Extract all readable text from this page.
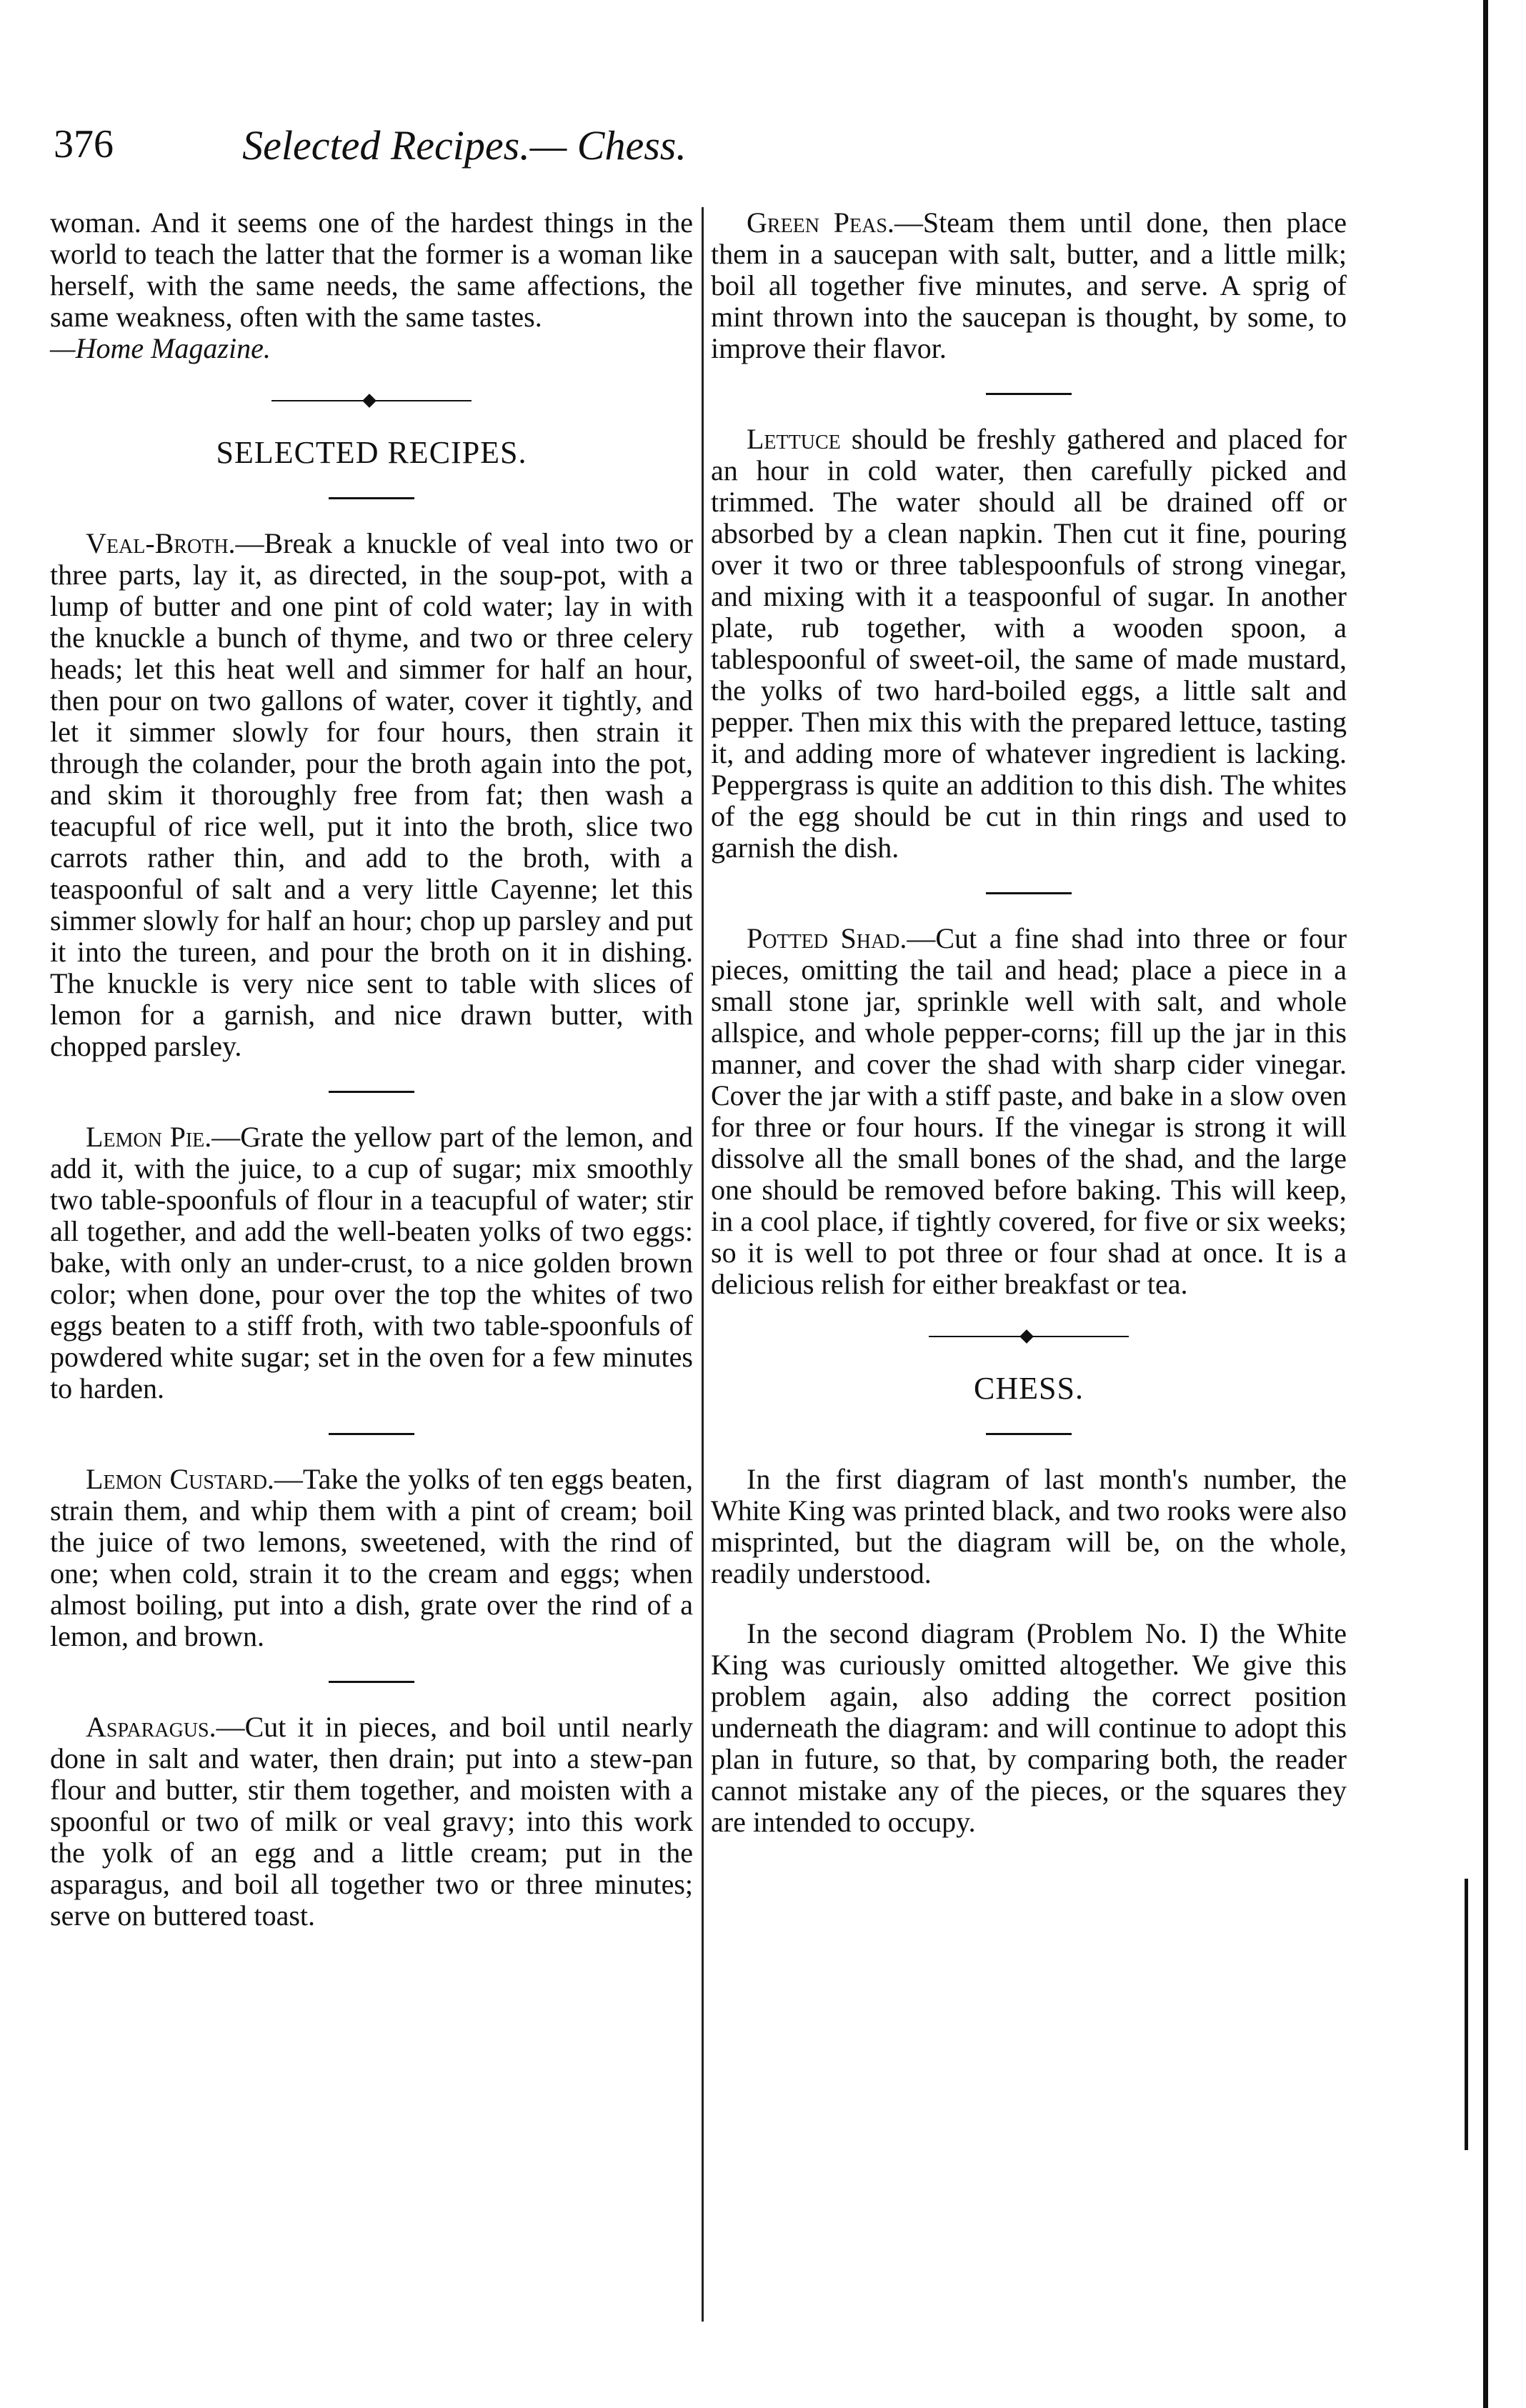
376	Selected Recipes.— Chess.

woman. And it seems one of the hardest things in the world to teach the latter that the former is a woman like herself, with the same needs, the same affections, the same weakness, often with the same tastes.
—Home Magazine.

SELECTED RECIPES.

Veal-Broth.—Break a knuckle of veal into two or three parts, lay it, as directed, in the soup-pot, with a lump of butter and one pint of cold water; lay in with the knuckle a bunch of thyme, and two or three celery heads; let this heat well and simmer for half an hour, then pour on two gallons of water, cover it tightly, and let it simmer slowly for four hours, then strain it through the colander, pour the broth again into the pot, and skim it thoroughly free from fat; then wash a teacupful of rice well, put it into the broth, slice two carrots rather thin, and add to the broth, with a teaspoonful of salt and a very little Cayenne; let this simmer slowly for half an hour; chop up parsley and put it into the tureen, and pour the broth on it in dishing. The knuckle is very nice sent to table with slices of lemon for a garnish, and nice drawn butter, with chopped parsley.

Lemon Pie.—Grate the yellow part of the lemon, and add it, with the juice, to a cup of sugar; mix smoothly two table-spoonfuls of flour in a teacupful of water; stir all together, and add the well-beaten yolks of two eggs: bake, with only an under-crust, to a nice golden brown color; when done, pour over the top the whites of two eggs beaten to a stiff froth, with two table-spoonfuls of powdered white sugar; set in the oven for a few minutes to harden.

Lemon Custard.—Take the yolks of ten eggs beaten, strain them, and whip them with a pint of cream; boil the juice of two lemons, sweetened, with the rind of one; when cold, strain it to the cream and eggs; when almost boiling, put into a dish, grate over the rind of a lemon, and brown.

Asparagus.—Cut it in pieces, and boil until nearly done in salt and water, then drain; put into a stew-pan flour and butter, stir them together, and moisten with a spoonful or two of milk or veal gravy; into this work the yolk of an egg and a little cream; put in the asparagus, and boil all together two or three minutes; serve on buttered toast.

Green Peas.—Steam them until done, then place them in a saucepan with salt, butter, and a little milk; boil all together five minutes, and serve. A sprig of mint thrown into the saucepan is thought, by some, to improve their flavor.

Lettuce should be freshly gathered and placed for an hour in cold water, then carefully picked and trimmed. The water should all be drained off or absorbed by a clean napkin. Then cut it fine, pouring over it two or three tablespoonfuls of strong vinegar, and mixing with it a teaspoonful of sugar. In another plate, rub together, with a wooden spoon, a tablespoonful of sweet-oil, the same of made mustard, the yolks of two hard-boiled eggs, a little salt and pepper. Then mix this with the prepared lettuce, tasting it, and adding more of whatever ingredient is lacking. Peppergrass is quite an addition to this dish. The whites of the egg should be cut in thin rings and used to garnish the dish.

Potted Shad.—Cut a fine shad into three or four pieces, omitting the tail and head; place a piece in a small stone jar, sprinkle well with salt, and whole allspice, and whole pepper-corns; fill up the jar in this manner, and cover the shad with sharp cider vinegar. Cover the jar with a stiff paste, and bake in a slow oven for three or four hours. If the vinegar is strong it will dissolve all the small bones of the shad, and the large one should be removed before baking. This will keep, in a cool place, if tightly covered, for five or six weeks; so it is well to pot three or four shad at once. It is a delicious relish for either breakfast or tea.

CHESS.

In the first diagram of last month's number, the White King was printed black, and two rooks were also misprinted, but the diagram will be, on the whole, readily understood.

In the second diagram (Problem No. I) the White King was curiously omitted altogether. We give this problem again, also adding the correct position underneath the diagram: and will continue to adopt this plan in future, so that, by comparing both, the reader cannot mistake any of the pieces, or the squares they are intended to occupy.
